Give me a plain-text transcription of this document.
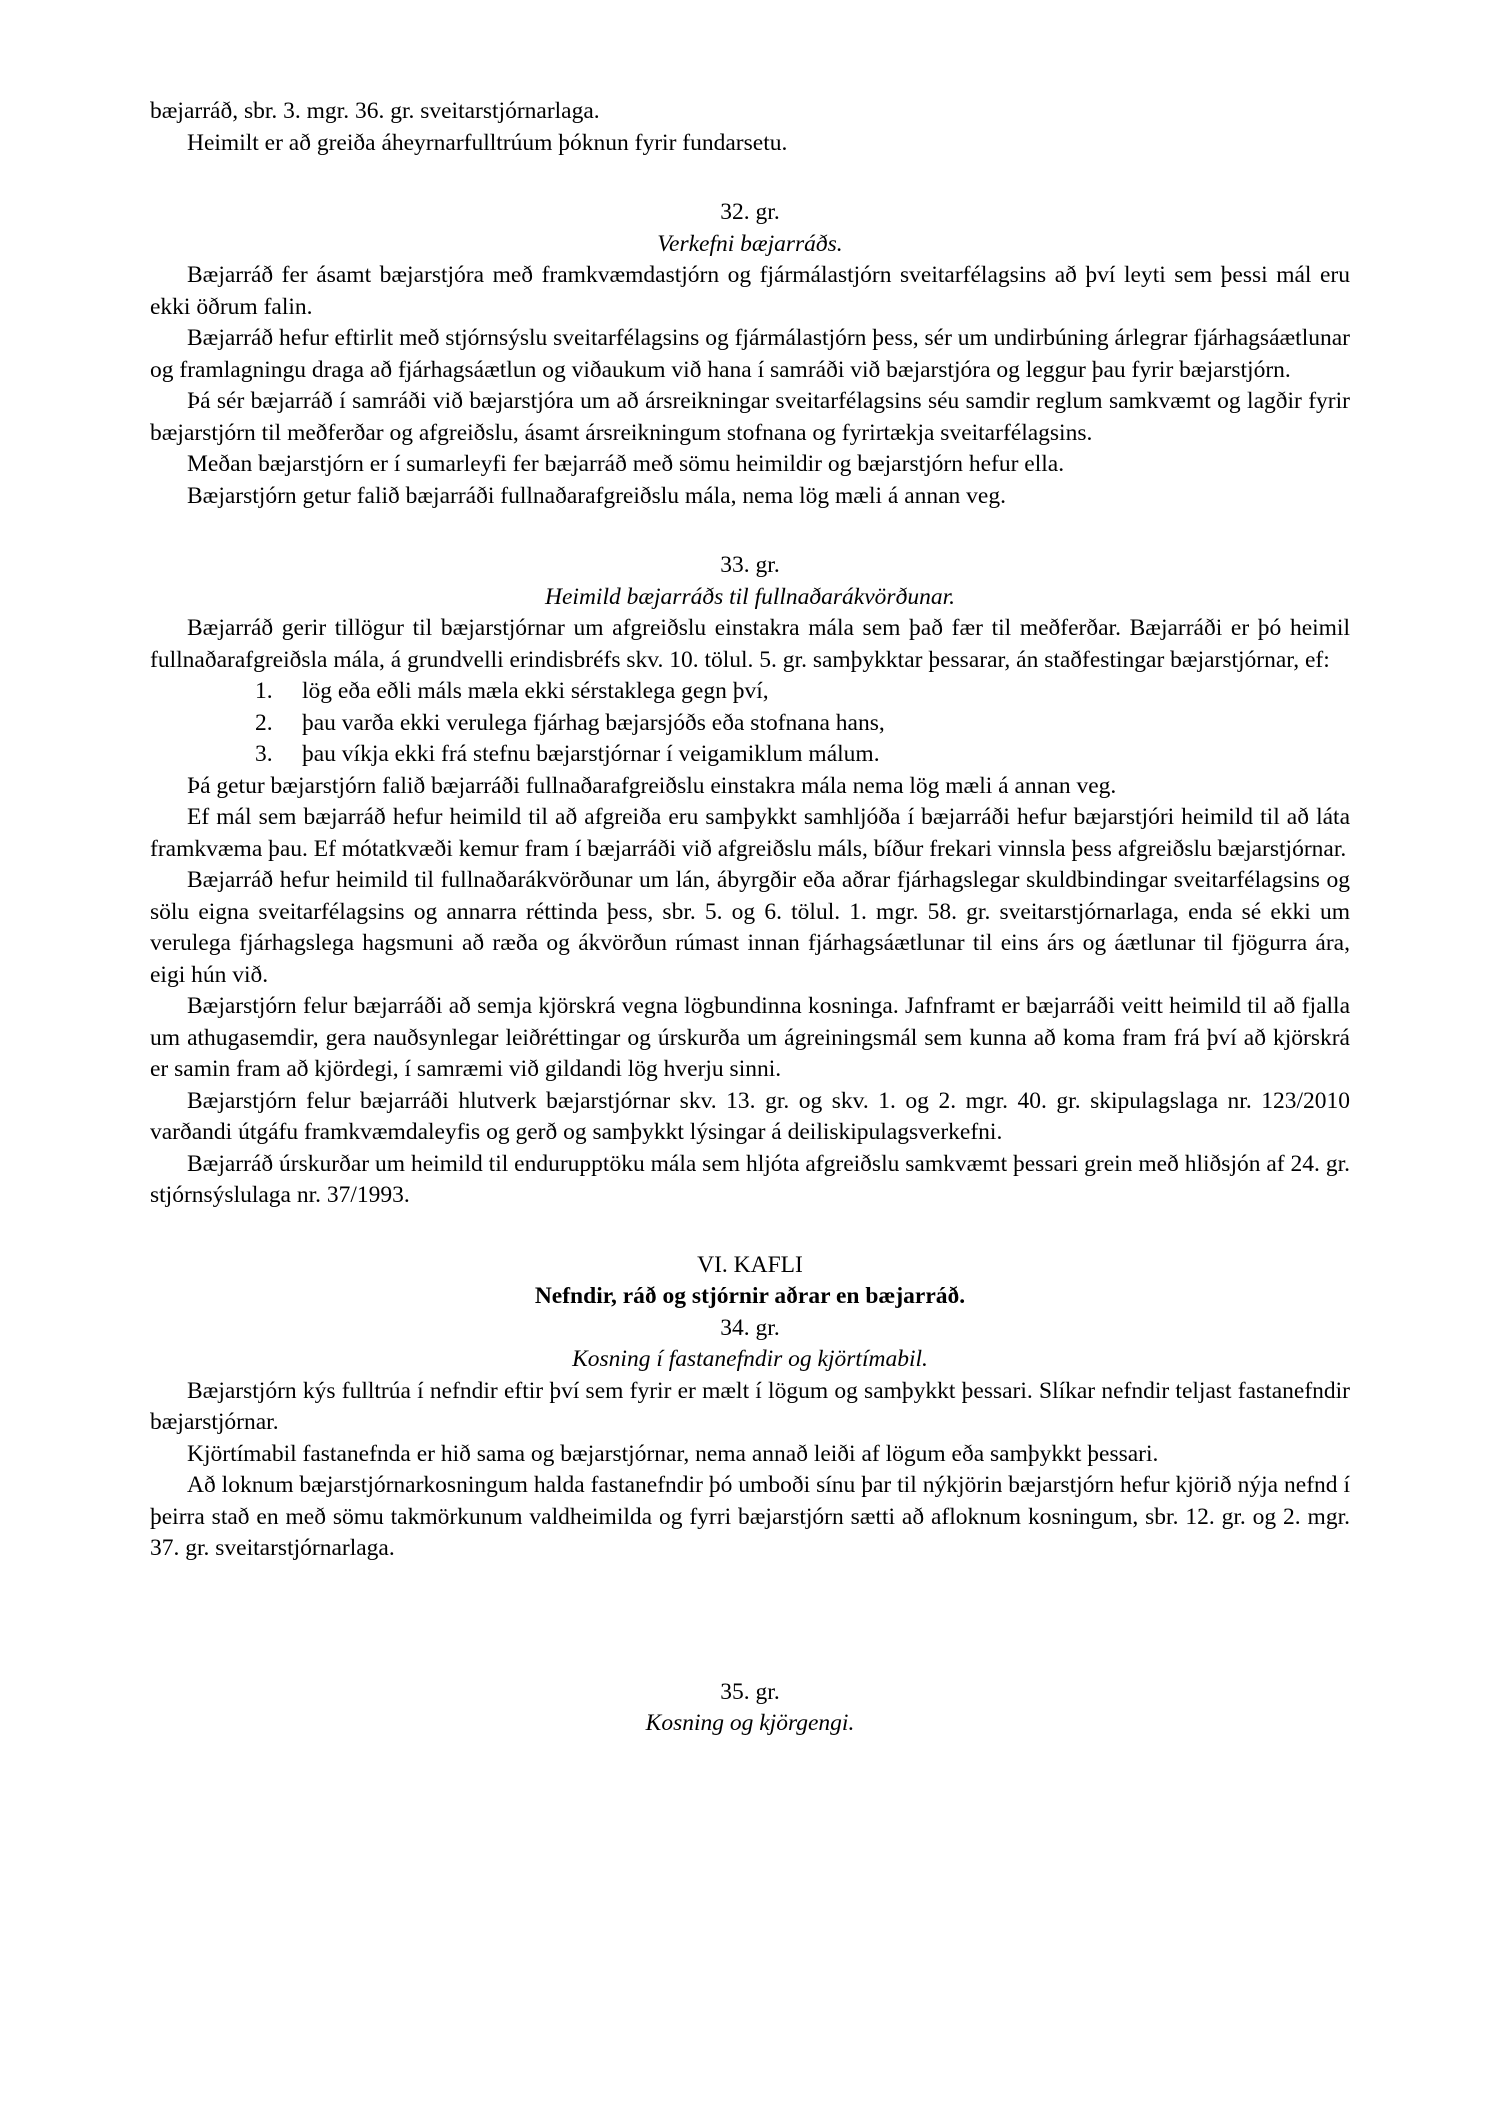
bæjarráð, sbr. 3. mgr. 36. gr. sveitarstjórnarlaga.

Heimilt er að greiða áheyrnarfulltrúum þóknun fyrir fundarsetu.

32. gr.

Verkefni bæjarráðs.

Bæjarráð fer ásamt bæjarstjóra með framkvæmdastjórn og fjármálastjórn sveitarfélagsins að því leyti sem þessi mál eru ekki öðrum falin.

Bæjarráð hefur eftirlit með stjórnsýslu sveitarfélagsins og fjármálastjórn þess, sér um undirbúning árlegrar fjárhagsáætlunar og framlagningu draga að fjárhagsáætlun og viðaukum við hana í samráði við bæjarstjóra og leggur þau fyrir bæjarstjórn.

Þá sér bæjarráð í samráði við bæjarstjóra um að ársreikningar sveitarfélagsins séu samdir reglum samkvæmt og lagðir fyrir bæjarstjórn til meðferðar og afgreiðslu, ásamt ársreikningum stofnana og fyrirtækja sveitarfélagsins.

Meðan bæjarstjórn er í sumarleyfi fer bæjarráð með sömu heimildir og bæjarstjórn hefur ella.

Bæjarstjórn getur falið bæjarráði fullnaðarafgreiðslu mála, nema lög mæli á annan veg.

33. gr.

Heimild bæjarráðs til fullnaðarákvörðunar.

Bæjarráð gerir tillögur til bæjarstjórnar um afgreiðslu einstakra mála sem það fær til meðferðar. Bæjarráði er þó heimil fullnaðarafgreiðsla mála, á grundvelli erindisbréfs skv. 10. tölul. 5. gr. samþykktar þessarar, án staðfestingar bæjarstjórnar, ef:

1. lög eða eðli máls mæla ekki sérstaklega gegn því,

2. þau varða ekki verulega fjárhag bæjarsjóðs eða stofnana hans,

3. þau víkja ekki frá stefnu bæjarstjórnar í veigamiklum málum.

Þá getur bæjarstjórn falið bæjarráði fullnaðarafgreiðslu einstakra mála nema lög mæli á annan veg.

Ef mál sem bæjarráð hefur heimild til að afgreiða eru samþykkt samhljóða í bæjarráði hefur bæjarstjóri heimild til að láta framkvæma þau. Ef mótatkvæði kemur fram í bæjarráði við afgreiðslu máls, bíður frekari vinnsla þess afgreiðslu bæjarstjórnar.

Bæjarráð hefur heimild til fullnaðarákvörðunar um lán, ábyrgðir eða aðrar fjárhagslegar skuldbindingar sveitarfélagsins og sölu eigna sveitarfélagsins og annarra réttinda þess, sbr. 5. og 6. tölul. 1. mgr. 58. gr. sveitarstjórnarlaga, enda sé ekki um verulega fjárhagslega hagsmuni að ræða og ákvörðun rúmast innan fjárhagsáætlunar til eins árs og áætlunar til fjögurra ára, eigi hún við.

Bæjarstjórn felur bæjarráði að semja kjörskrá vegna lögbundinna kosninga. Jafnframt er bæjarráði veitt heimild til að fjalla um athugasemdir, gera nauðsynlegar leiðréttingar og úrskurða um ágreiningsmál sem kunna að koma fram frá því að kjörskrá er samin fram að kjördegi, í samræmi við gildandi lög hverju sinni.

Bæjarstjórn felur bæjarráði hlutverk bæjarstjórnar skv. 13. gr. og skv. 1. og 2. mgr. 40. gr. skipulagslaga nr. 123/2010 varðandi útgáfu framkvæmdaleyfis og gerð og samþykkt lýsingar á deiliskipulagsverkefni.

Bæjarráð úrskurðar um heimild til endurupptöku mála sem hljóta afgreiðslu samkvæmt þessari grein með hliðsjón af 24. gr. stjórnsýslulaga nr. 37/1993.

VI. KAFLI

Nefndir, ráð og stjórnir aðrar en bæjarráð.

34. gr.

Kosning í fastanefndir og kjörtímabil.

Bæjarstjórn kýs fulltrúa í nefndir eftir því sem fyrir er mælt í lögum og samþykkt þessari. Slíkar nefndir teljast fastanefndir bæjarstjórnar.

Kjörtímabil fastanefnda er hið sama og bæjarstjórnar, nema annað leiði af lögum eða samþykkt þessari.

Að loknum bæjarstjórnarkosningum halda fastanefndir þó umboði sínu þar til nýkjörin bæjarstjórn hefur kjörið nýja nefnd í þeirra stað en með sömu takmörkunum valdheimilda og fyrri bæjarstjórn sætti að afloknum kosningum, sbr. 12. gr. og 2. mgr. 37. gr. sveitarstjórnarlaga.

35. gr.

Kosning og kjörgengi.
